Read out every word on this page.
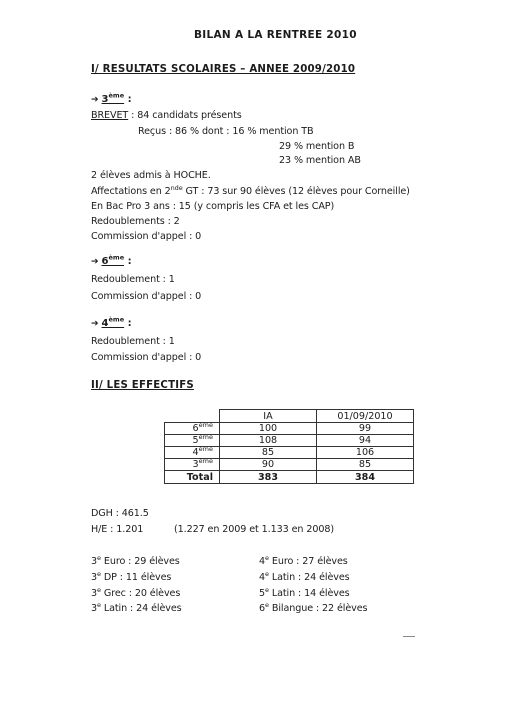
BILAN A LA RENTREE 2010
I/ RESULTATS SCOLAIRES – ANNEE 2009/2010
➔ 3ème :
BREVET : 84 candidats présents
Reçus : 86 % dont : 16 % mention TB
29 % mention B
23 % mention AB
2 élèves admis à HOCHE.
Affectations en 2nde GT : 73 sur 90 élèves (12 élèves pour Corneille)
En Bac Pro 3 ans : 15 (y compris les CFA et les CAP)
Redoublements : 2
Commission d'appel : 0
➔ 6ème :
Redoublement : 1
Commission d'appel : 0
➔ 4ème :
Redoublement : 1
Commission d'appel : 0
II/ LES EFFECTIFS
	IA	01/09/2010
6ème	100	99
5ème	108	94
4ème	85	106
3ème	90	85
Total	383	384
DGH : 461.5
H/E : 1.201	(1.227 en 2009 et 1.133 en 2008)
3e Euro : 29 élèves
3e DP : 11 élèves
3e Grec : 20 élèves
3e Latin : 24 élèves
4e Euro : 27 élèves
4e Latin : 24 élèves
5e Latin : 14 élèves
6e Bilangue : 22 élèves
